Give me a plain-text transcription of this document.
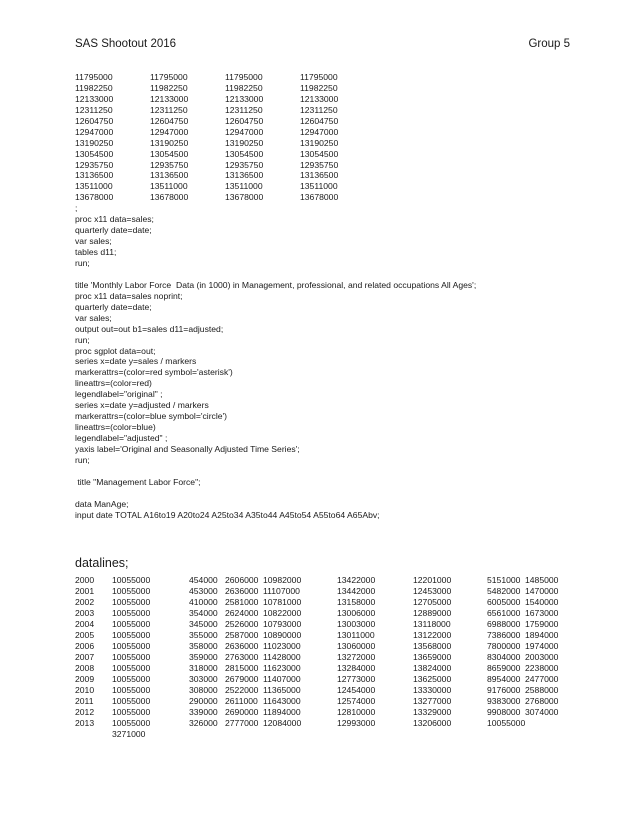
SAS Shootout 2016	Group 5
11795000	11795000	11795000	11795000
11982250	11982250	11982250	11982250
12133000	12133000	12133000	12133000
12311250	12311250	12311250	12311250
12604750	12604750	12604750	12604750
12947000	12947000	12947000	12947000
13190250	13190250	13190250	13190250
13054500	13054500	13054500	13054500
12935750	12935750	12935750	12935750
13136500	13136500	13136500	13136500
13511000	13511000	13511000	13511000
13678000	13678000	13678000	13678000
;
proc x11 data=sales;
quarterly date=date;
var sales;
tables d11;
run;
title 'Monthly Labor Force  Data (in 1000) in Management, professional, and related occupations All Ages';
proc x11 data=sales noprint;
quarterly date=date;
var sales;
output out=out b1=sales d11=adjusted;
run;
proc sgplot data=out;
series x=date y=sales / markers
markerattrs=(color=red symbol='asterisk')
lineattrs=(color=red)
legendlabel="original" ;
series x=date y=adjusted / markers
markerattrs=(color=blue symbol='circle')
lineattrs=(color=blue)
legendlabel="adjusted" ;
yaxis label='Original and Seasonally Adjusted Time Series';
run;
title "Management Labor Force";
data ManAge;
input date TOTAL A16to19 A20to24 A25to34 A35to44 A45to54 A55to64 A65Abv;
datalines;
2000 10055000	454000 2606000 10982000	13422000	12201000	5151000 1485000
2001 10055000	453000 2636000 11107000	13442000	12453000	5482000 1470000
2002 10055000	410000 2581000 10781000	13158000	12705000	6005000 1540000
2003 10055000	354000 2624000 10822000	13006000	12889000	6561000 1673000
2004 10055000	345000 2526000 10793000	13003000	13118000	6988000 1759000
2005 10055000	355000 2587000 10890000	13011000	13122000	7386000 1894000
2006 10055000	358000 2636000 11023000	13060000	13568000	7800000 1974000
2007 10055000	359000 2763000 11428000	13272000	13659000	8304000 2003000
2008 10055000	318000 2815000 11623000	13284000	13824000	8659000 2238000
2009 10055000	303000 2679000 11407000	12773000	13625000	8954000 2477000
2010 10055000	308000 2522000 11365000	12454000	13330000	9176000 2588000
2011 10055000	290000 2611000 11643000	12574000	13277000	9383000 2768000
2012 10055000	339000 2690000 11894000	12810000	13329000	9908000 3074000
2013 10055000	326000 2777000 12084000	12993000	13206000	10055000
3271000
